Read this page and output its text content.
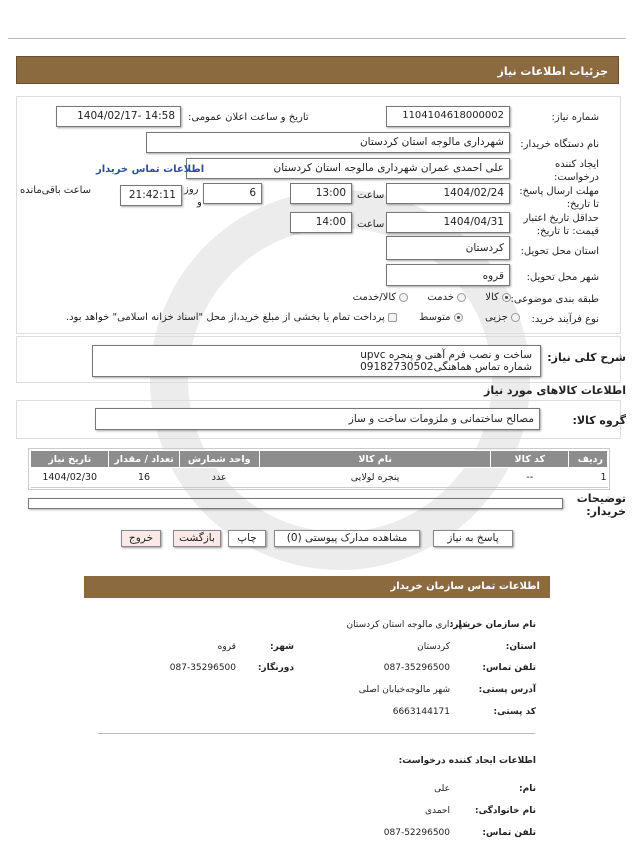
جزئیات اطلاعات نیاز
شماره نیاز:
1104104618000002
تاریخ و ساعت اعلان عمومی:
1404/02/17- 14:58
نام دستگاه خریدار:
شهرداری مالوجه استان کردستان
ایجاد کننده درخواست:
علی احمدی عمران شهرداری مالوجه استان کردستان
اطلاعات تماس خریدار
مهلت ارسال پاسخ: تا تاریخ:
1404/02/24
ساعت
13:00
6
روز
و
21:42:11
ساعت باقی‌مانده
حداقل تاریخ اعتبار قیمت: تا تاریخ:
1404/04/31
ساعت
14:00
استان محل تحویل:
کردستان
شهر محل تحویل:
قروه
طبقه بندی موضوعی:
کالا       خدمت       کالا/خدمت
نوع فرآیند خرید:
جزیی        متوسط
پرداخت تمام یا بخشی از مبلغ خرید،از محل "اسناد خزانه اسلامی" خواهد بود.
شرح کلی نیاز:
ساخت و نصب فرم آهنی و پنجره upvc
شماره تماس هماهنگی09182730502
اطلاعات کالاهای مورد نیاز
گروه کالا:
مصالح ساختمانی و ملزومات ساخت و ساز
ردیف	کد کالا	نام کالا	واحد شمارش	تعداد / مقدار	تاریخ نیاز
1	--	پنجره لولایی	عدد	16	1404/02/30
توضیحات خریدار:
پاسخ به نیاز
مشاهده مدارک پیوستی (0)
چاپ
بازگشت
خروج
اطلاعات تماس سازمان خریدار
نام سازمان خریدار:
شهرداری مالوجه استان کردستان
استان:
کردستان
شهر:
قروه
تلفن تماس:
087-35296500
دورنگار:
087-35296500
آدرس پستی:
شهر مالوجه‌خیابان اصلی
کد پستی:
6663144171
اطلاعات ایجاد کننده درخواست:
نام:
علی
نام خانوادگی:
احمدی
تلفن تماس:
087-52296500
